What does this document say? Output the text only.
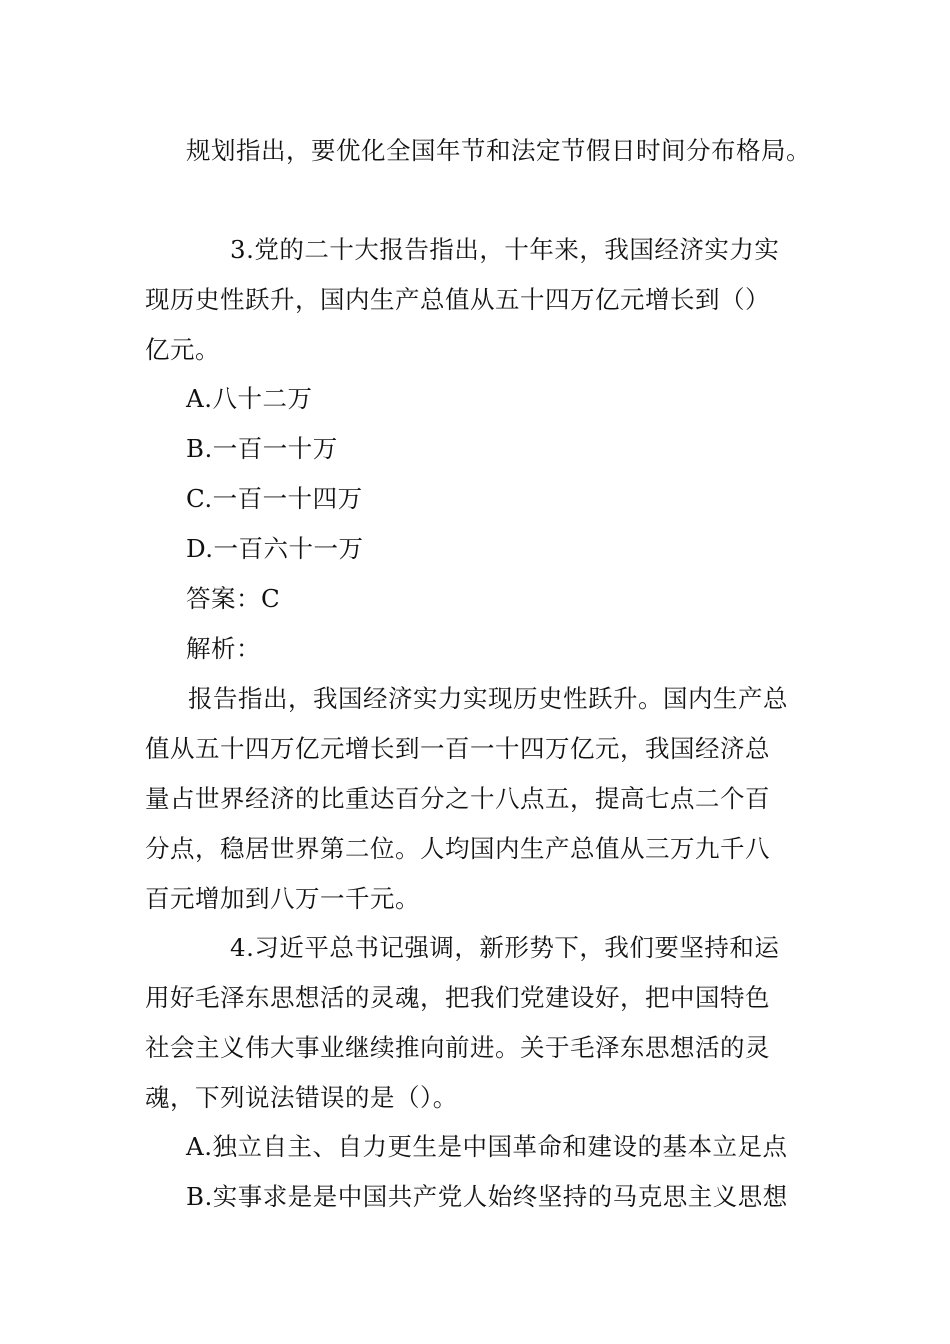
规划指出，要优化全国年节和法定节假日时间分布格局。
3.党的二十大报告指出，十年来，我国经济实力实
现历史性跃升，国内生产总值从五十四万亿元增长到（）
亿元。
A.八十二万
B.一百一十万
C.一百一十四万
D.一百六十一万
答案：C
解析：
报告指出，我国经济实力实现历史性跃升。国内生产总
值从五十四万亿元增长到一百一十四万亿元，我国经济总
量占世界经济的比重达百分之十八点五，提高七点二个百
分点，稳居世界第二位。人均国内生产总值从三万九千八
百元增加到八万一千元。
4.习近平总书记强调，新形势下，我们要坚持和运
用好毛泽东思想活的灵魂，把我们党建设好，把中国特色
社会主义伟大事业继续推向前进。关于毛泽东思想活的灵
魂，下列说法错误的是（）。
A.独立自主、自力更生是中国革命和建设的基本立足点
B.实事求是是中国共产党人始终坚持的马克思主义思想
